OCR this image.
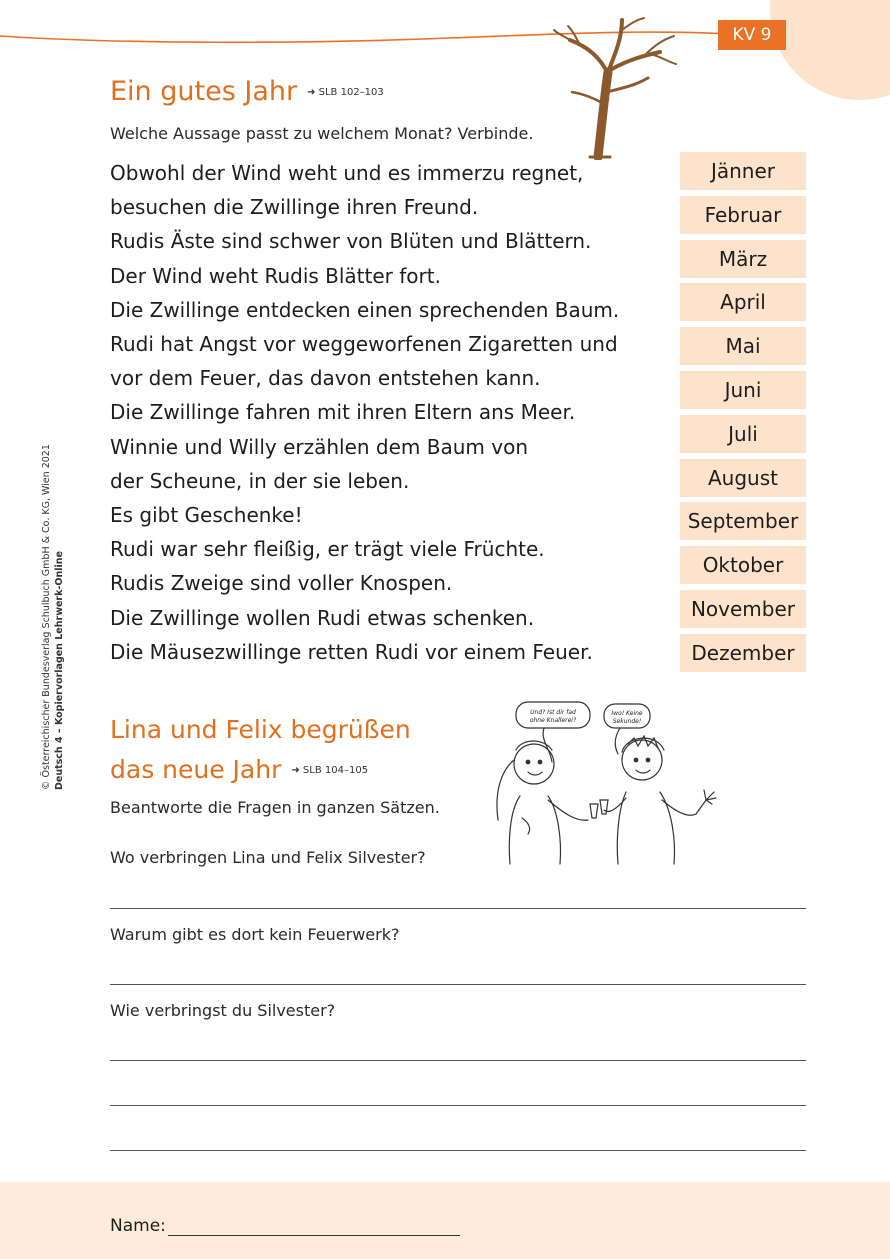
KV 9
Ein gutes Jahr ➜ SLB 102–103
Welche Aussage passt zu welchem Monat? Verbinde.
Obwohl der Wind weht und es immerzu regnet,
besuchen die Zwillinge ihren Freund.
Rudis Äste sind schwer von Blüten und Blättern.
Der Wind weht Rudis Blätter fort.
Die Zwillinge entdecken einen sprechenden Baum.
Rudi hat Angst vor weggeworfenen Zigaretten und
vor dem Feuer, das davon entstehen kann.
Die Zwillinge fahren mit ihren Eltern ans Meer.
Winnie und Willy erzählen dem Baum von
der Scheune, in der sie leben.
Es gibt Geschenke!
Rudi war sehr fleißig, er trägt viele Früchte.
Rudis Zweige sind voller Knospen.
Die Zwillinge wollen Rudi etwas schenken.
Die Mäusezwillinge retten Rudi vor einem Feuer.
Jänner
Februar
März
April
Mai
Juni
Juli
August
September
Oktober
November
Dezember
© Österreichischer Bundesverlag Schulbuch GmbH & Co. KG, Wien 2021 Deutsch 4 – Kopiervorlagen Lehrwerk-Online Lina und Felix begrüßen
das neue Jahr ➜ SLB 104–105
Und? Ist dir fad
ohne Knallerei?
Iwo! Keine
Sekunde!
Beantworte die Fragen in ganzen Sätzen.
Wo verbringen Lina und Felix Silvester?
Warum gibt es dort kein Feuerwerk?
Wie verbringst du Silvester?
Name:
